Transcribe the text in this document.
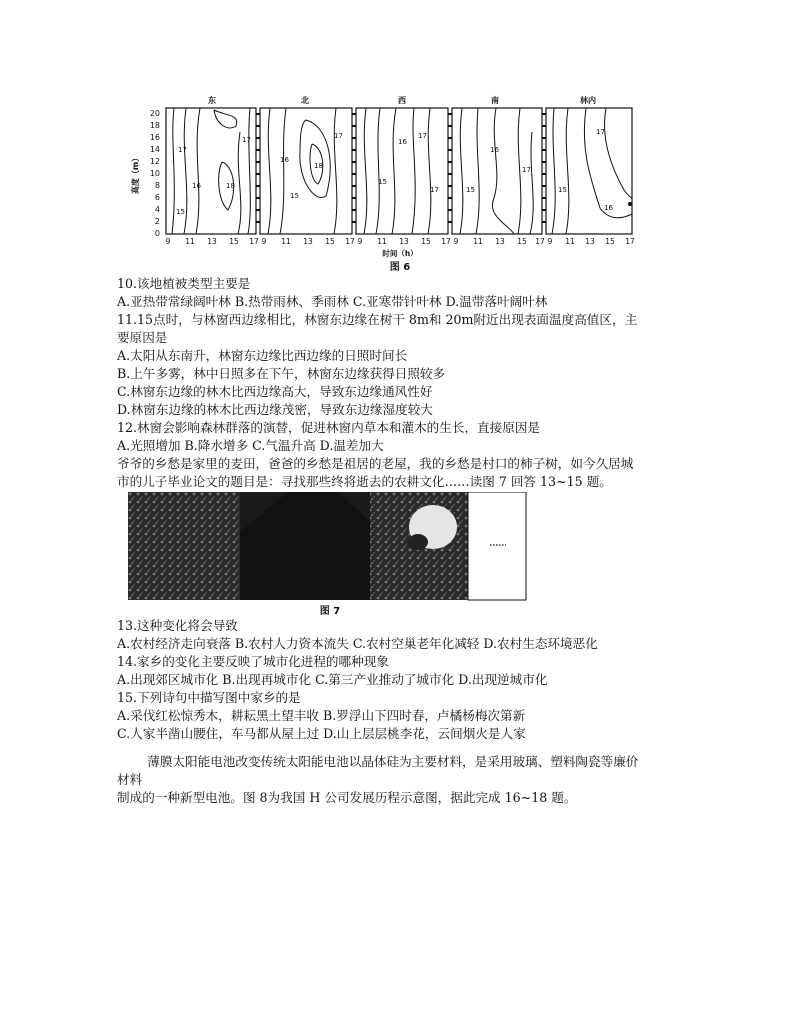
东	北	西	南	林内
20
18
16
14
12
10
8
6
4
2
0
高度（m）
17
16	18
15
17
18
16
15
17
15
16
17
17
16
15
17
15
17
16
9 11 13 15 17 9 11 13 15 17 9 11 13 15 17 9 11 13 15 17 9 11 13 15 17
时间（h）
图 6
10.该地植被类型主要是
A.亚热带常绿阔叶林 B.热带雨林、季雨林 C.亚寒带针叶林 D.温带落叶阔叶林
11.15点时，与林窗西边缘相比，林窗东边缘在树干 8m和 20m附近出现表面温度高值区，主
要原因是
A.太阳从东南升，林窗东边缘比西边缘的日照时间长
B.上午多雾，林中日照多在下午，林窗东边缘获得日照较多
C.林窗东边缘的林木比西边缘高大，导致东边缘通风性好
D.林窗东边缘的林木比西边缘茂密，导致东边缘湿度较大
12.林窗会影响森林群落的演替，促进林窗内草本和灌木的生长，直接原因是
A.光照增加 B.降水增多 C.气温升高 D.温差加大
爷爷的乡愁是家里的麦田，爸爸的乡愁是祖居的老屋，我的乡愁是村口的柿子树，如今久居城
市的儿子毕业论文的题目是：寻找那些终将逝去的农耕文化……读图 7 回答 13~15 题。
图 7
13.这种变化将会导致
A.农村经济走向衰落 B.农村人力资本流失 C.农村空巢老年化减轻 D.农村生态环境恶化
14.家乡的变化主要反映了城市化进程的哪种现象
A.出现郊区城市化 B.出现再城市化 C.第三产业推动了城市化 D.出现逆城市化
15.下列诗句中描写图中家乡的是
A.采伐红松惊秀木，耕耘黑土望丰收 B.罗浮山下四时春，卢橘杨梅次第新
C.人家半凿山腰住，车马都从屋上过 D.山上层层桃李花，云间烟火是人家
薄膜太阳能电池改变传统太阳能电池以晶体硅为主要材料，是采用玻璃、塑料陶瓷等廉价
材料
制成的一种新型电池。图 8为我国 H 公司发展历程示意图，据此完成 16~18 题。
